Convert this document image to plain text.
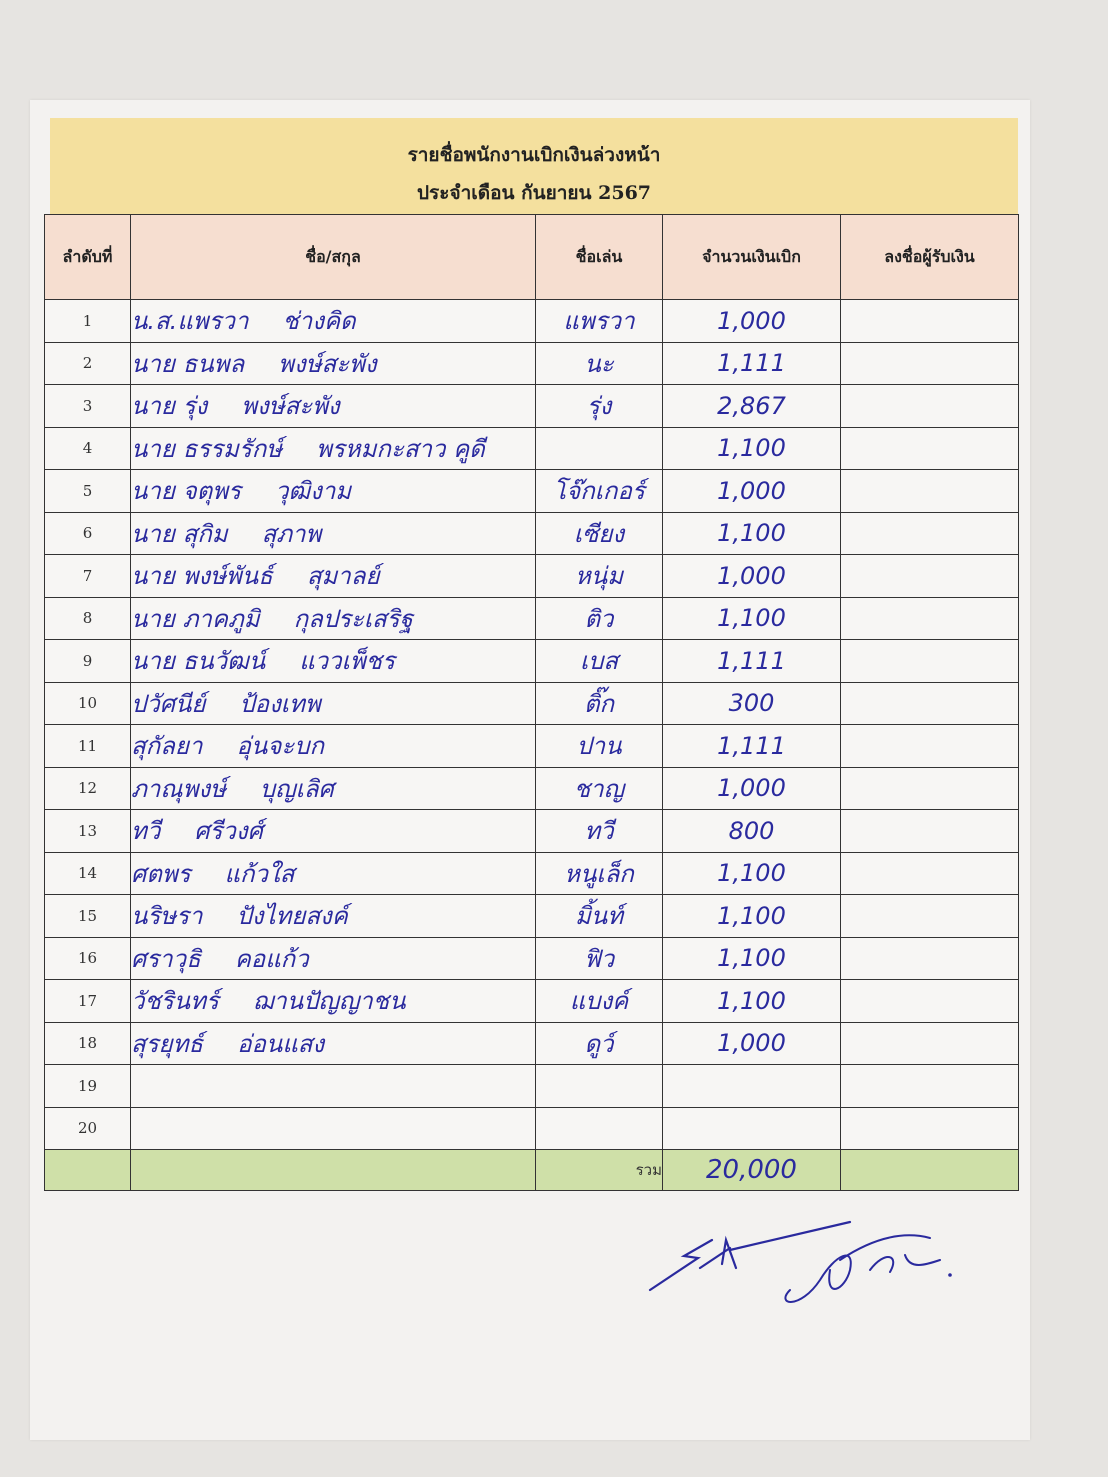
รายชื่อพนักงานเบิกเงินล่วงหน้า
ประจำเดือน กันยายน 2567
ลำดับที่	ชื่อ/สกุล	ชื่อเล่น	จำนวนเงินเบิก	ลงชื่อผู้รับเงิน
1	น.ส.แพรวา ช่างคิด	แพรวา	1,000	
2	นาย ธนพล พงษ์สะพัง	นะ	1,111	
3	นาย รุ่ง พงษ์สะพัง	รุ่ง	2,867	
4	นาย ธรรมรักษ์ พรหมกะสาว คูดี		1,100	
5	นาย จตุพร วุฒิงาม	โจ๊กเกอร์	1,000	
6	นาย สุกิม สุภาพ	เซียง	1,100	
7	นาย พงษ์พันธ์ สุมาลย์	หนุ่ม	1,000	
8	นาย ภาคภูมิ กุลประเสริฐ	ติว	1,100	
9	นาย ธนวัฒน์ แววเพ็ชร	เบส	1,111	
10	ปวัศนีย์ ป้องเทพ	ติ๊ก	300	
11	สุกัลยา อุ่นจะบก	ปาน	1,111	
12	ภาณุพงษ์ บุญเลิศ	ชาญ	1,000	
13	ทวี ศรีวงศ์	ทวี	800	
14	ศตพร แก้วใส	หนูเล็ก	1,100	
15	นริษรา ปังไทยสงค์	มิ้นท์	1,100	
16	ศราวุธิ คอแก้ว	ฟิว	1,100	
17	วัชรินทร์ ฌานปัญญาชน	แบงค์	1,100	
18	สุรยุทธ์ อ่อนแสง	ดูว์	1,000	
19				
20				
		รวม	20,000	
